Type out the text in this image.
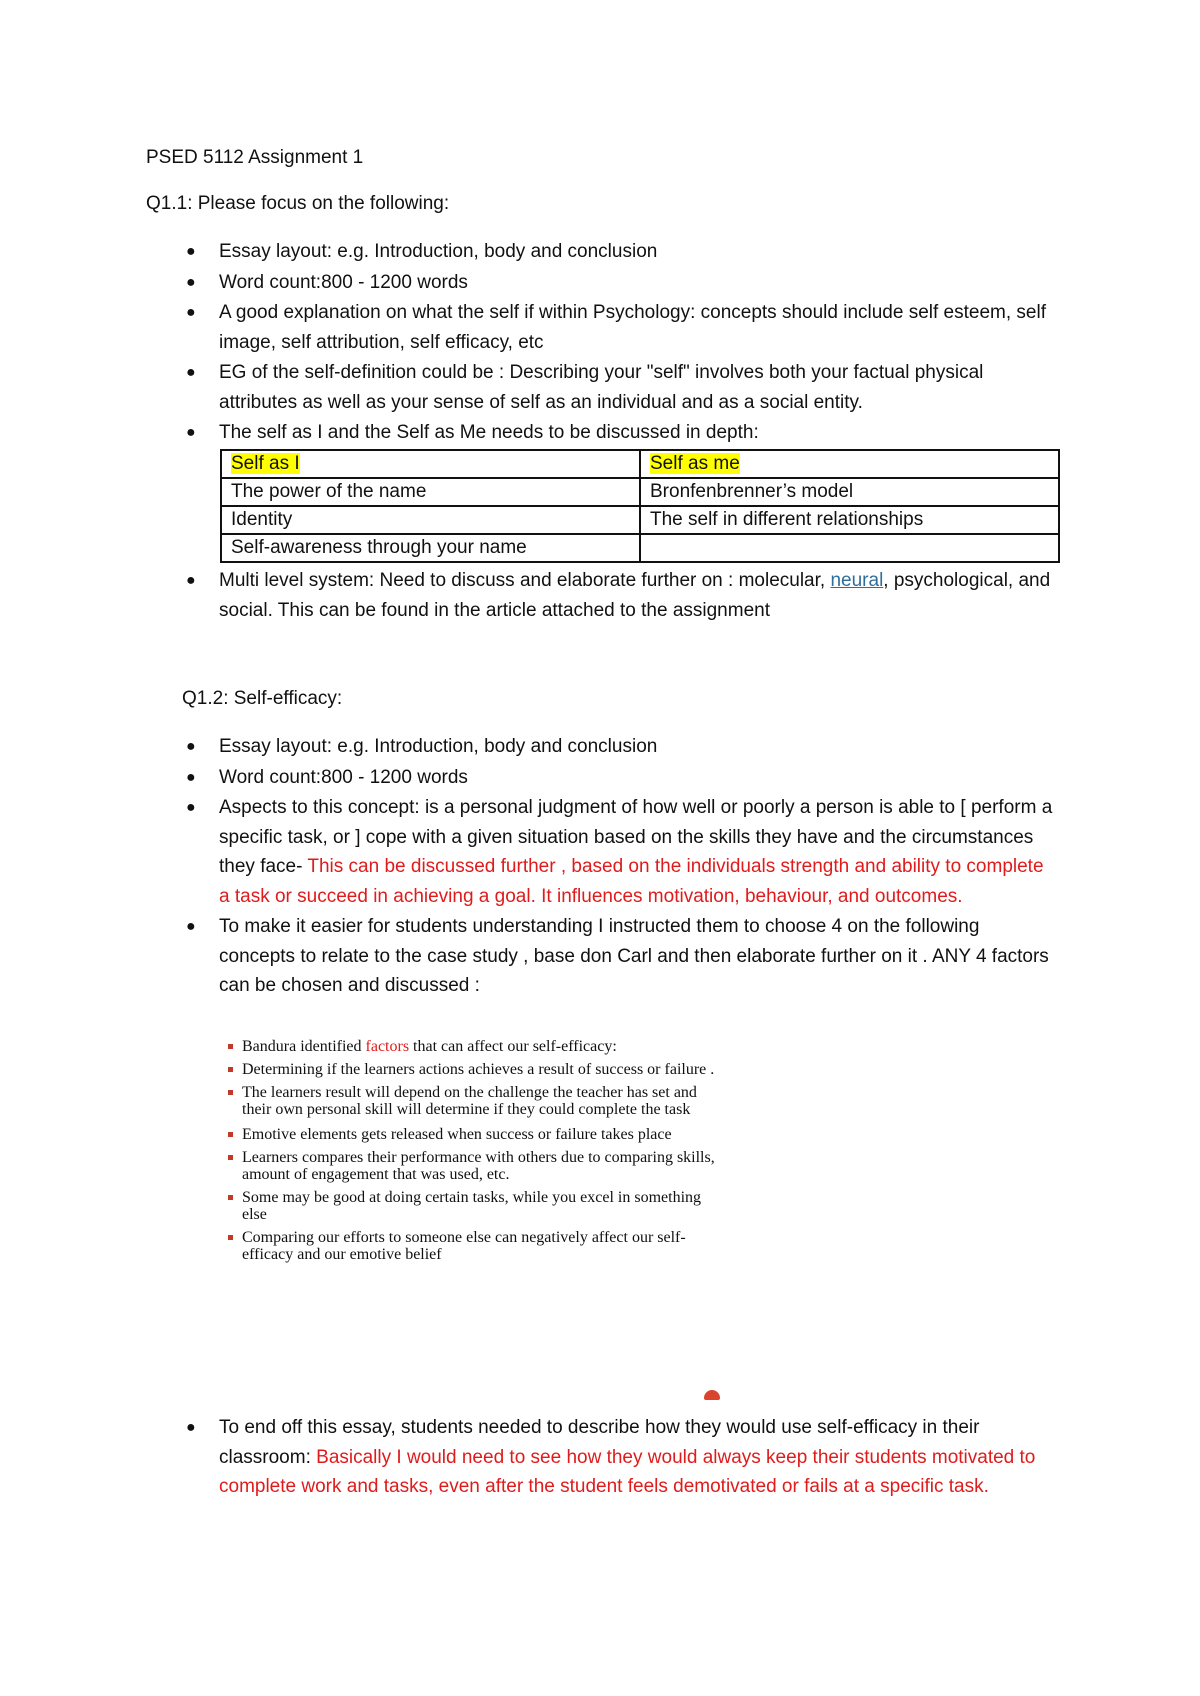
PSED 5112 Assignment 1
Q1.1: Please focus on the following:
● Essay layout: e.g. Introduction, body and conclusion
● Word count:800 - 1200 words
● A good explanation on what the self if within Psychology: concepts should include self esteem, self image, self attribution, self efficacy, etc
● EG of the self-definition could be : Describing your "self" involves both your factual physical attributes as well as your sense of self as an individual and as a social entity.
● The self as I and the Self as Me needs to be discussed in depth:
Self as I	Self as me
The power of the name	Bronfenbrenner’s model
Identity	The self in different relationships
Self-awareness through your name	
● Multi level system: Need to discuss and elaborate further on : molecular, neural, psychological, and social. This can be found in the article attached to the assignment
Q1.2: Self-efficacy:
● Essay layout: e.g. Introduction, body and conclusion
● Word count:800 - 1200 words
● Aspects to this concept: is a personal judgment of how well or poorly a person is able to [ perform a specific task, or ] cope with a given situation based on the skills they have and the circumstances they face- This can be discussed further , based on the individuals strength and ability to complete a task or succeed in achieving a goal. It influences motivation, behaviour, and outcomes.
● To make it easier for students understanding I instructed them to choose 4 on the following concepts to relate to the case study , base don Carl and then elaborate further on it . ANY 4 factors can be chosen and discussed :
Bandura identified factors that can affect our self-efficacy:
Determining if the learners actions achieves a result of success or failure .
The learners result will depend on the challenge the teacher has set and their own personal skill will determine if they could complete the task
Emotive elements gets released when success or failure takes place
Learners compares their performance with others due to comparing skills, amount of engagement that was used, etc.
Some may be good at doing certain tasks, while you excel in something else
Comparing our efforts to someone else can negatively affect our self-efficacy and our emotive belief
● To end off this essay, students needed to describe how they would use self-efficacy in their classroom: Basically I would need to see how they would always keep their students motivated to complete work and tasks, even after the student feels demotivated or fails at a specific task.
